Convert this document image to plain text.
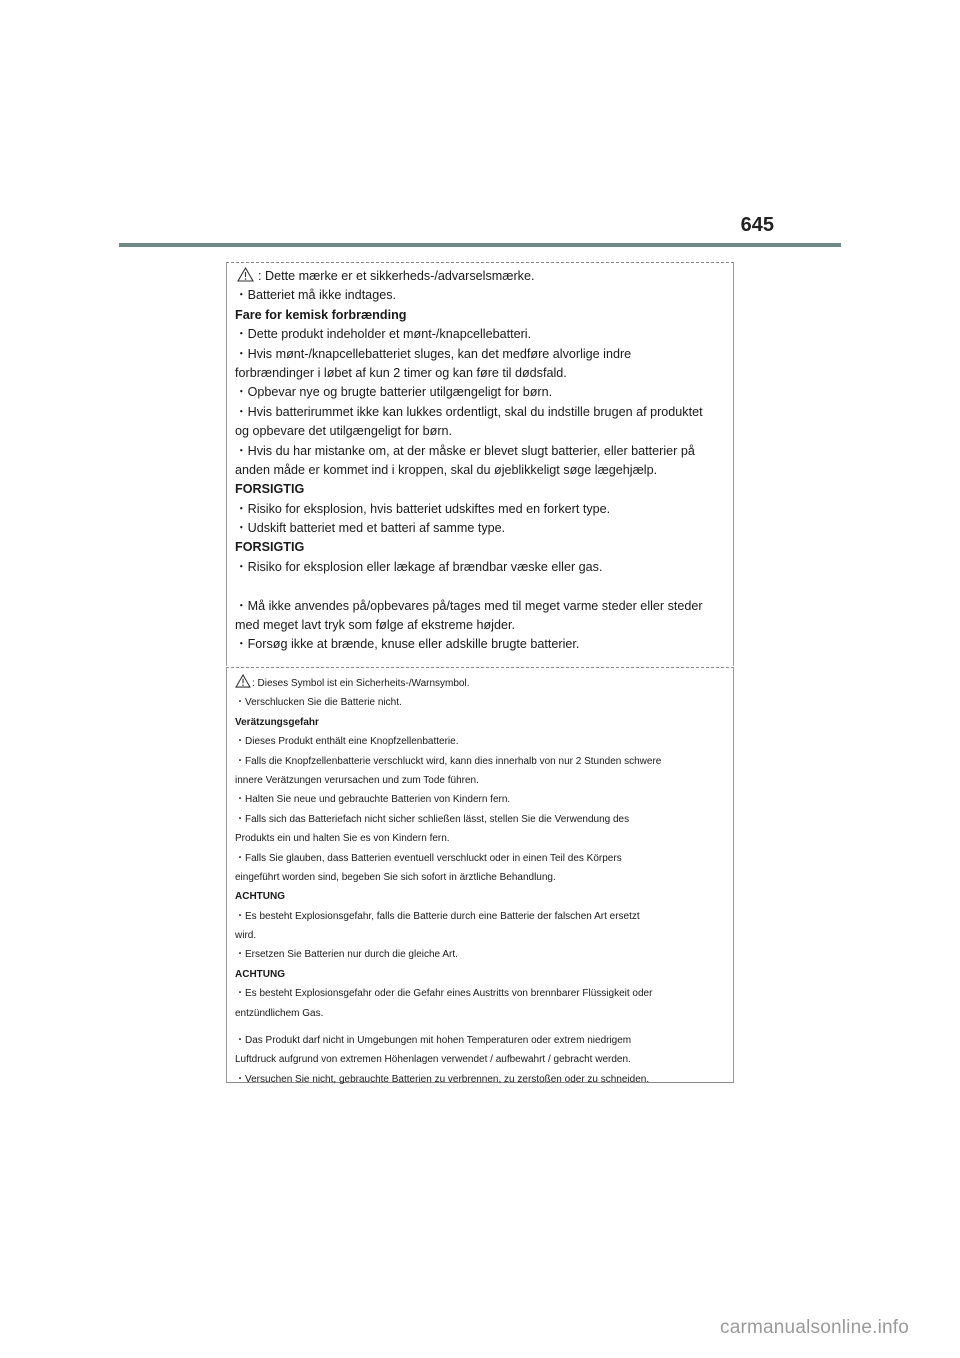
645
: Dette mærke er et sikkerheds-/advarselsmærke.
・Batteriet må ikke indtages.
Fare for kemisk forbrænding
・Dette produkt indeholder et mønt-/knapcellebatteri.
・Hvis mønt-/knapcellebatteriet sluges, kan det medføre alvorlige indre
forbrændinger i løbet af kun 2 timer og kan føre til dødsfald.
・Opbevar nye og brugte batterier utilgængeligt for børn.
・Hvis batterirummet ikke kan lukkes ordentligt, skal du indstille brugen af produktet
og opbevare det utilgængeligt for børn.
・Hvis du har mistanke om, at der måske er blevet slugt batterier, eller batterier på
anden måde er kommet ind i kroppen, skal du øjeblikkeligt søge lægehjælp.
FORSIGTIG
・Risiko for eksplosion, hvis batteriet udskiftes med en forkert type.
・Udskift batteriet med et batteri af samme type.
FORSIGTIG
・Risiko for eksplosion eller lækage af brændbar væske eller gas.
・Må ikke anvendes på/opbevares på/tages med til meget varme steder eller steder
med meget lavt tryk som følge af ekstreme højder.
・Forsøg ikke at brænde, knuse eller adskille brugte batterier.
: Dieses Symbol ist ein Sicherheits-/Warnsymbol.
・Verschlucken Sie die Batterie nicht.
Verätzungsgefahr
・Dieses Produkt enthält eine Knopfzellenbatterie.
・Falls die Knopfzellenbatterie verschluckt wird, kann dies innerhalb von nur 2 Stunden schwere
innere Verätzungen verursachen und zum Tode führen.
・Halten Sie neue und gebrauchte Batterien von Kindern fern.
・Falls sich das Batteriefach nicht sicher schließen lässt, stellen Sie die Verwendung des
Produkts ein und halten Sie es von Kindern fern.
・Falls Sie glauben, dass Batterien eventuell verschluckt oder in einen Teil des Körpers
eingeführt worden sind, begeben Sie sich sofort in ärztliche Behandlung.
ACHTUNG
・Es besteht Explosionsgefahr, falls die Batterie durch eine Batterie der falschen Art ersetzt
wird.
・Ersetzen Sie Batterien nur durch die gleiche Art.
ACHTUNG
・Es besteht Explosionsgefahr oder die Gefahr eines Austritts von brennbarer Flüssigkeit oder
entzündlichem Gas.
・Das Produkt darf nicht in Umgebungen mit hohen Temperaturen oder extrem niedrigem
Luftdruck aufgrund von extremen Höhenlagen verwendet / aufbewahrt / gebracht werden.
・Versuchen Sie nicht, gebrauchte Batterien zu verbrennen, zu zerstoßen oder zu schneiden.
carmanualsonline.info
